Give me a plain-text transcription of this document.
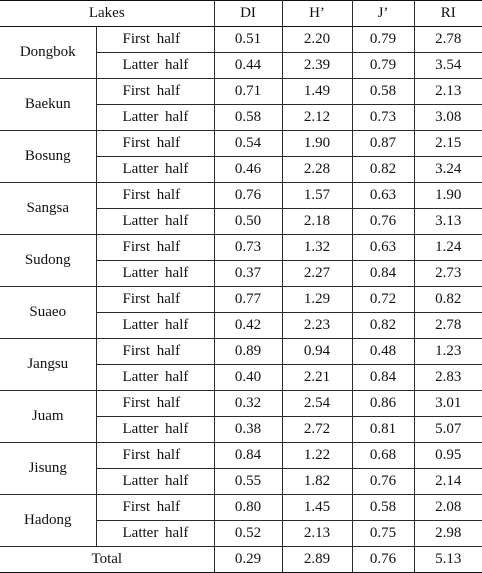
Lakes		DI	H’	J’	RI
Dongbok	First half	0.51	2.20	0.79	2.78
	Latter half	0.44	2.39	0.79	3.54
Baekun	First half	0.71	1.49	0.58	2.13
	Latter half	0.58	2.12	0.73	3.08
Bosung	First half	0.54	1.90	0.87	2.15
	Latter half	0.46	2.28	0.82	3.24
Sangsa	First half	0.76	1.57	0.63	1.90
	Latter half	0.50	2.18	0.76	3.13
Sudong	First half	0.73	1.32	0.63	1.24
	Latter half	0.37	2.27	0.84	2.73
Suaeo	First half	0.77	1.29	0.72	0.82
	Latter half	0.42	2.23	0.82	2.78
Jangsu	First half	0.89	0.94	0.48	1.23
	Latter half	0.40	2.21	0.84	2.83
Juam	First half	0.32	2.54	0.86	3.01
	Latter half	0.38	2.72	0.81	5.07
Jisung	First half	0.84	1.22	0.68	0.95
	Latter half	0.55	1.82	0.76	2.14
Hadong	First half	0.80	1.45	0.58	2.08
	Latter half	0.52	2.13	0.75	2.98
Total		0.29	2.89	0.76	5.13
